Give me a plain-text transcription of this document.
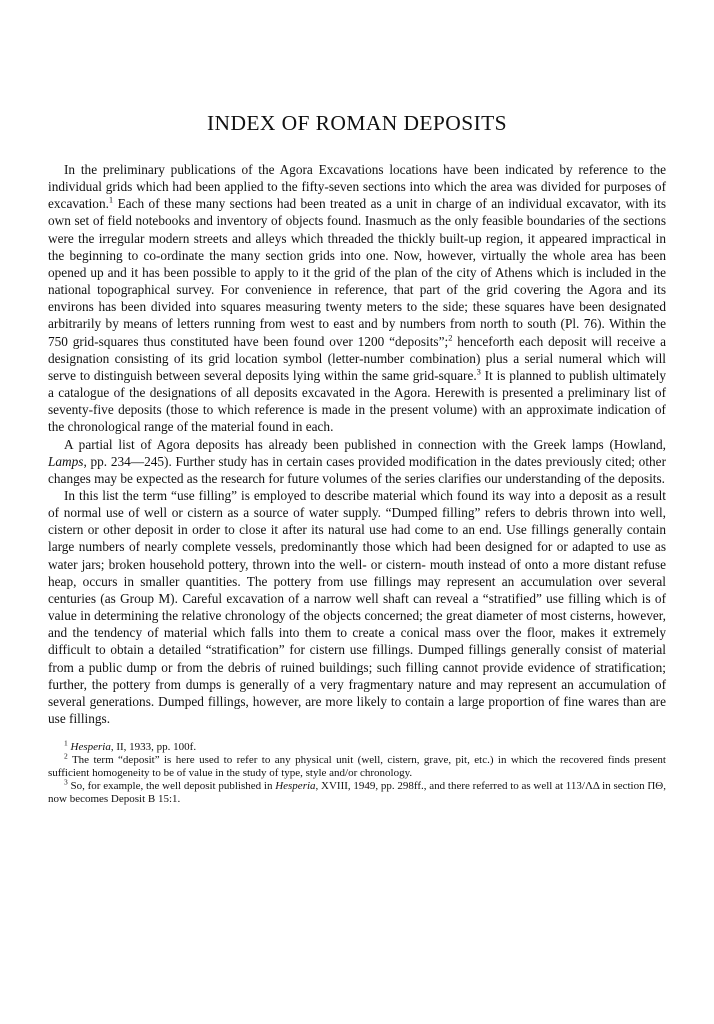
INDEX OF ROMAN DEPOSITS

In the preliminary publications of the Agora Excavations locations have been indicated by reference to the individual grids which had been applied to the fifty-seven sections into which the area was divided for purposes of excavation.$^1$ Each of these many sections had been treated as a unit in charge of an individual excavator, with its own set of field notebooks and inventory of objects found. Inasmuch as the only feasible boundaries of the sections were the irregular modern streets and alleys which threaded the thickly built-up region, it appeared impractical in the beginning to co-ordinate the many section grids into one. Now, however, virtually the whole area has been opened up and it has been possible to apply to it the grid of the plan of the city of Athens which is included in the national topographical survey. For convenience in reference, that part of the grid covering the Agora and its environs has been divided into squares measuring twenty meters to the side; these squares have been designated arbitrarily by means of letters running from west to east and by numbers from north to south (Pl. 76). Within the 750 grid-squares thus constituted have been found over 1200 “deposits”;$^2$ henceforth each deposit will receive a designation consisting of its grid location symbol (letter-number combination) plus a serial numeral which will serve to distinguish between several deposits lying within the same grid-square.$^3$ It is planned to publish ultimately a catalogue of the designations of all deposits excavated in the Agora. Herewith is presented a preliminary list of seventy-five deposits (those to which reference is made in the present volume) with an approximate indication of the chronological range of the material found in each.

A partial list of Agora deposits has already been published in connection with the Greek lamps (Howland, Lamps, pp. 234—245). Further study has in certain cases provided modification in the dates previously cited; other changes may be expected as the research for future volumes of the series clarifies our understanding of the deposits.

In this list the term “use filling” is employed to describe material which found its way into a deposit as a result of normal use of well or cistern as a source of water supply. “Dumped filling” refers to debris thrown into well, cistern or other deposit in order to close it after its natural use had come to an end. Use fillings generally contain large numbers of nearly complete vessels, predominantly those which had been designed for or adapted to use as water jars; broken household pottery, thrown into the well- or cistern- mouth instead of onto a more distant refuse heap, occurs in smaller quantities. The pottery from use fillings may represent an accumulation over several centuries (as Group M). Careful excavation of a narrow well shaft can reveal a “stratified” use filling which is of value in determining the relative chronology of the objects concerned; the great diameter of most cisterns, however, and the tendency of material which falls into them to create a conical mass over the floor, makes it extremely difficult to obtain a detailed “stratification” for cistern use fillings. Dumped fillings generally consist of material from a public dump or from the debris of ruined buildings; such filling cannot provide evidence of stratification; further, the pottery from dumps is generally of a very fragmentary nature and may represent an accumulation of several generations. Dumped fillings, however, are more likely to contain a large proportion of fine wares than are use fillings.

$^1$ Hesperia, II, 1933, pp. 100f.

$^2$ The term “deposit” is here used to refer to any physical unit (well, cistern, grave, pit, etc.) in which the recovered finds present sufficient homogeneity to be of value in the study of type, style and/or chronology.

$^3$ So, for example, the well deposit published in Hesperia, XVIII, 1949, pp. 298ff., and there referred to as well at 113/ΛΔ in section ΠΘ, now becomes Deposit B 15:1.
